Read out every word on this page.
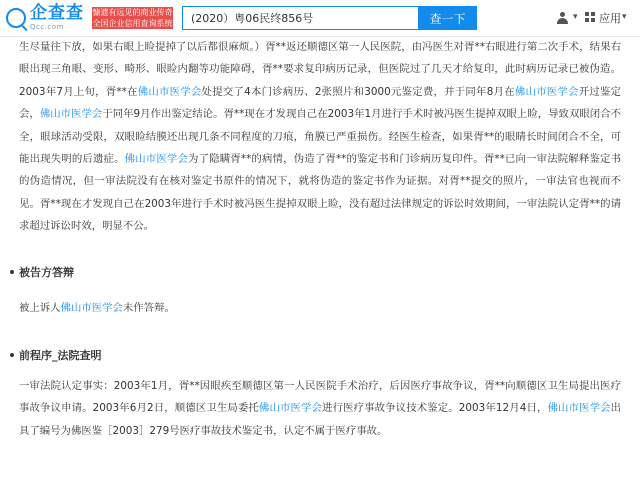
企查查
Qcc.com
慷遗有远见的商业传奇
全国企业信用查询系统
(2020）粤06民终856号	查一下	▾ 应用 ▾

生尽量往下放，如果右眼上睑提掉了以后都很麻烦。）胥**返还顺德区第一人民医院，由冯医生对胥**右眼进行第二次手术，结果右眼出现三角眼、变形、畸形、眼睑内翻等功能障碍，胥**要求复印病历记录，但医院过了几天才给复印，此时病历记录已被伪造。2003年7月上旬，胥**在佛山市医学会处提交了4本门诊病历、2张照片和3000元鉴定费，并于同年8月在佛山市医学会开过鉴定会，佛山市医学会于同年9月作出鉴定结论。胥**现在才发现自己在2003年1月进行手术时被冯医生提掉双眼上睑，导致双眼闭合不全，眼球活动受限，双眼睑结膜还出现几条不同程度的刀痕，角膜已严重损伤。经医生检查，如果胥**的眼睛长时间闭合不全，可能出现失明的后遗症。佛山市医学会为了隐瞒胥**的病情，伪造了胥**的鉴定书和门诊病历复印件。胥**已向一审法院解释鉴定书的伪造情况，但一审法院没有在核对鉴定书原件的情况下，就将伪造的鉴定书作为证据。对胥**提交的照片，一审法官也视而不见。胥**现在才发现自己在2003年进行手术时被冯医生提掉双眼上睑，没有超过法律规定的诉讼时效期间，一审法院认定胥**的请求超过诉讼时效，明显不公。

被告方答辩

被上诉人佛山市医学会未作答辩。

前程序_法院查明

一审法院认定事实：2003年1月，胥**因眼疾至顺德区第一人民医院手术治疗，后因医疗事故争议，胥**向顺德区卫生局提出医疗事故争议申请。2003年6月2日，顺德区卫生局委托佛山市医学会进行医疗事故争议技术鉴定。2003年12月4日，佛山市医学会出具了编号为佛医鉴［2003］279号医疗事故技术鉴定书，认定不属于医疗事故。
